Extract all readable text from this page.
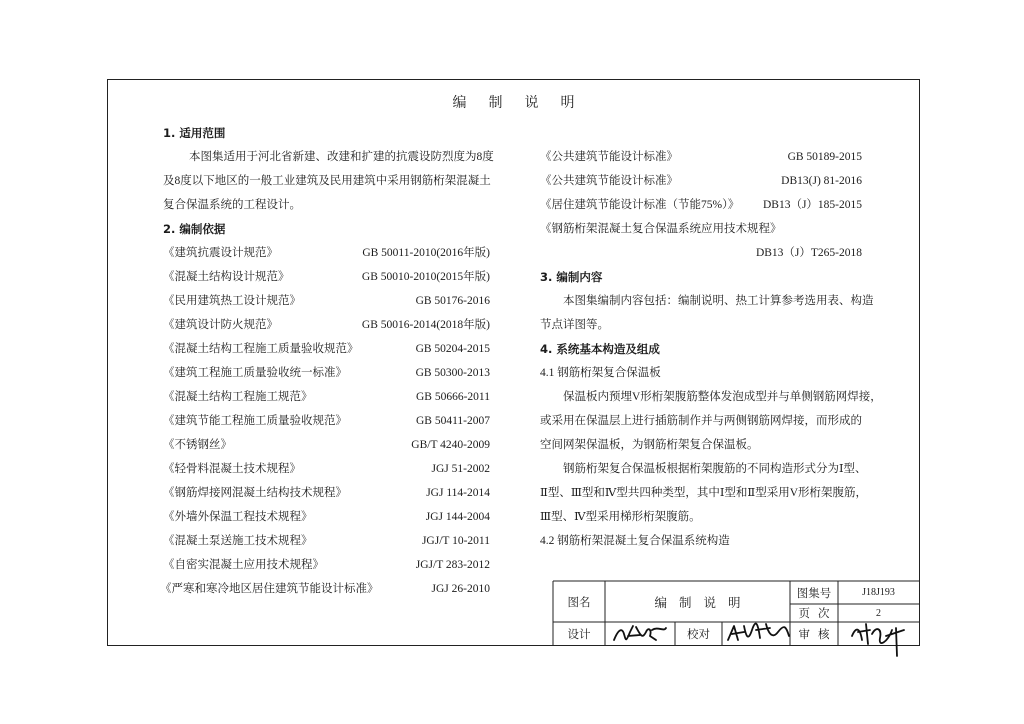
编制说明
1. 适用范围
本图集适用于河北省新建、改建和扩建的抗震设防烈度为8度
及8度以下地区的一般工业建筑及民用建筑中采用钢筋桁架混凝土
复合保温系统的工程设计。
2. 编制依据
《建筑抗震设计规范》	GB 50011-2010(2016年版)
《混凝土结构设计规范》	GB 50010-2010(2015年版)
《民用建筑热工设计规范》	GB 50176-2016
《建筑设计防火规范》	GB 50016-2014(2018年版)
《混凝土结构工程施工质量验收规范》	GB 50204-2015
《建筑工程施工质量验收统一标准》	GB 50300-2013
《混凝土结构工程施工规范》	GB 50666-2011
《建筑节能工程施工质量验收规范》	GB 50411-2007
《不锈钢丝》	GB/T 4240-2009
《轻骨料混凝土技术规程》	JGJ 51-2002
《钢筋焊接网混凝土结构技术规程》	JGJ 114-2014
《外墙外保温工程技术规程》	JGJ 144-2004
《混凝土泵送施工技术规程》	JGJ/T 10-2011
《自密实混凝土应用技术规程》	JGJ/T 283-2012
《严寒和寒冷地区居住建筑节能设计标准》	JGJ 26-2010
《公共建筑节能设计标准》	GB 50189-2015
《公共建筑节能设计标准》	DB13(J) 81-2016
《居住建筑节能设计标准（节能75%）》 DB13（J）185-2015
《钢筋桁架混凝土复合保温系统应用技术规程》
DB13（J）T265-2018
3. 编制内容
本图集编制内容包括：编制说明、热工计算参考选用表、构造
节点详图等。
4. 系统基本构造及组成
4.1 钢筋桁架复合保温板
保温板内预埋V形桁架腹筋整体发泡成型并与单侧钢筋网焊接，
或采用在保温层上进行插筋制作并与两侧钢筋网焊接，而形成的
空间网架保温板，为钢筋桁架复合保温板。
钢筋桁架复合保温板根据桁架腹筋的不同构造形式分为Ⅰ型、
Ⅱ型、Ⅲ型和Ⅳ型共四种类型，其中Ⅰ型和Ⅱ型采用V形桁架腹筋，
Ⅲ型、Ⅳ型采用梯形桁架腹筋。
4.2 钢筋桁架混凝土复合保温系统构造
图名	编制说明
图集号	J18J193
页次	2
设计	校对	审核
